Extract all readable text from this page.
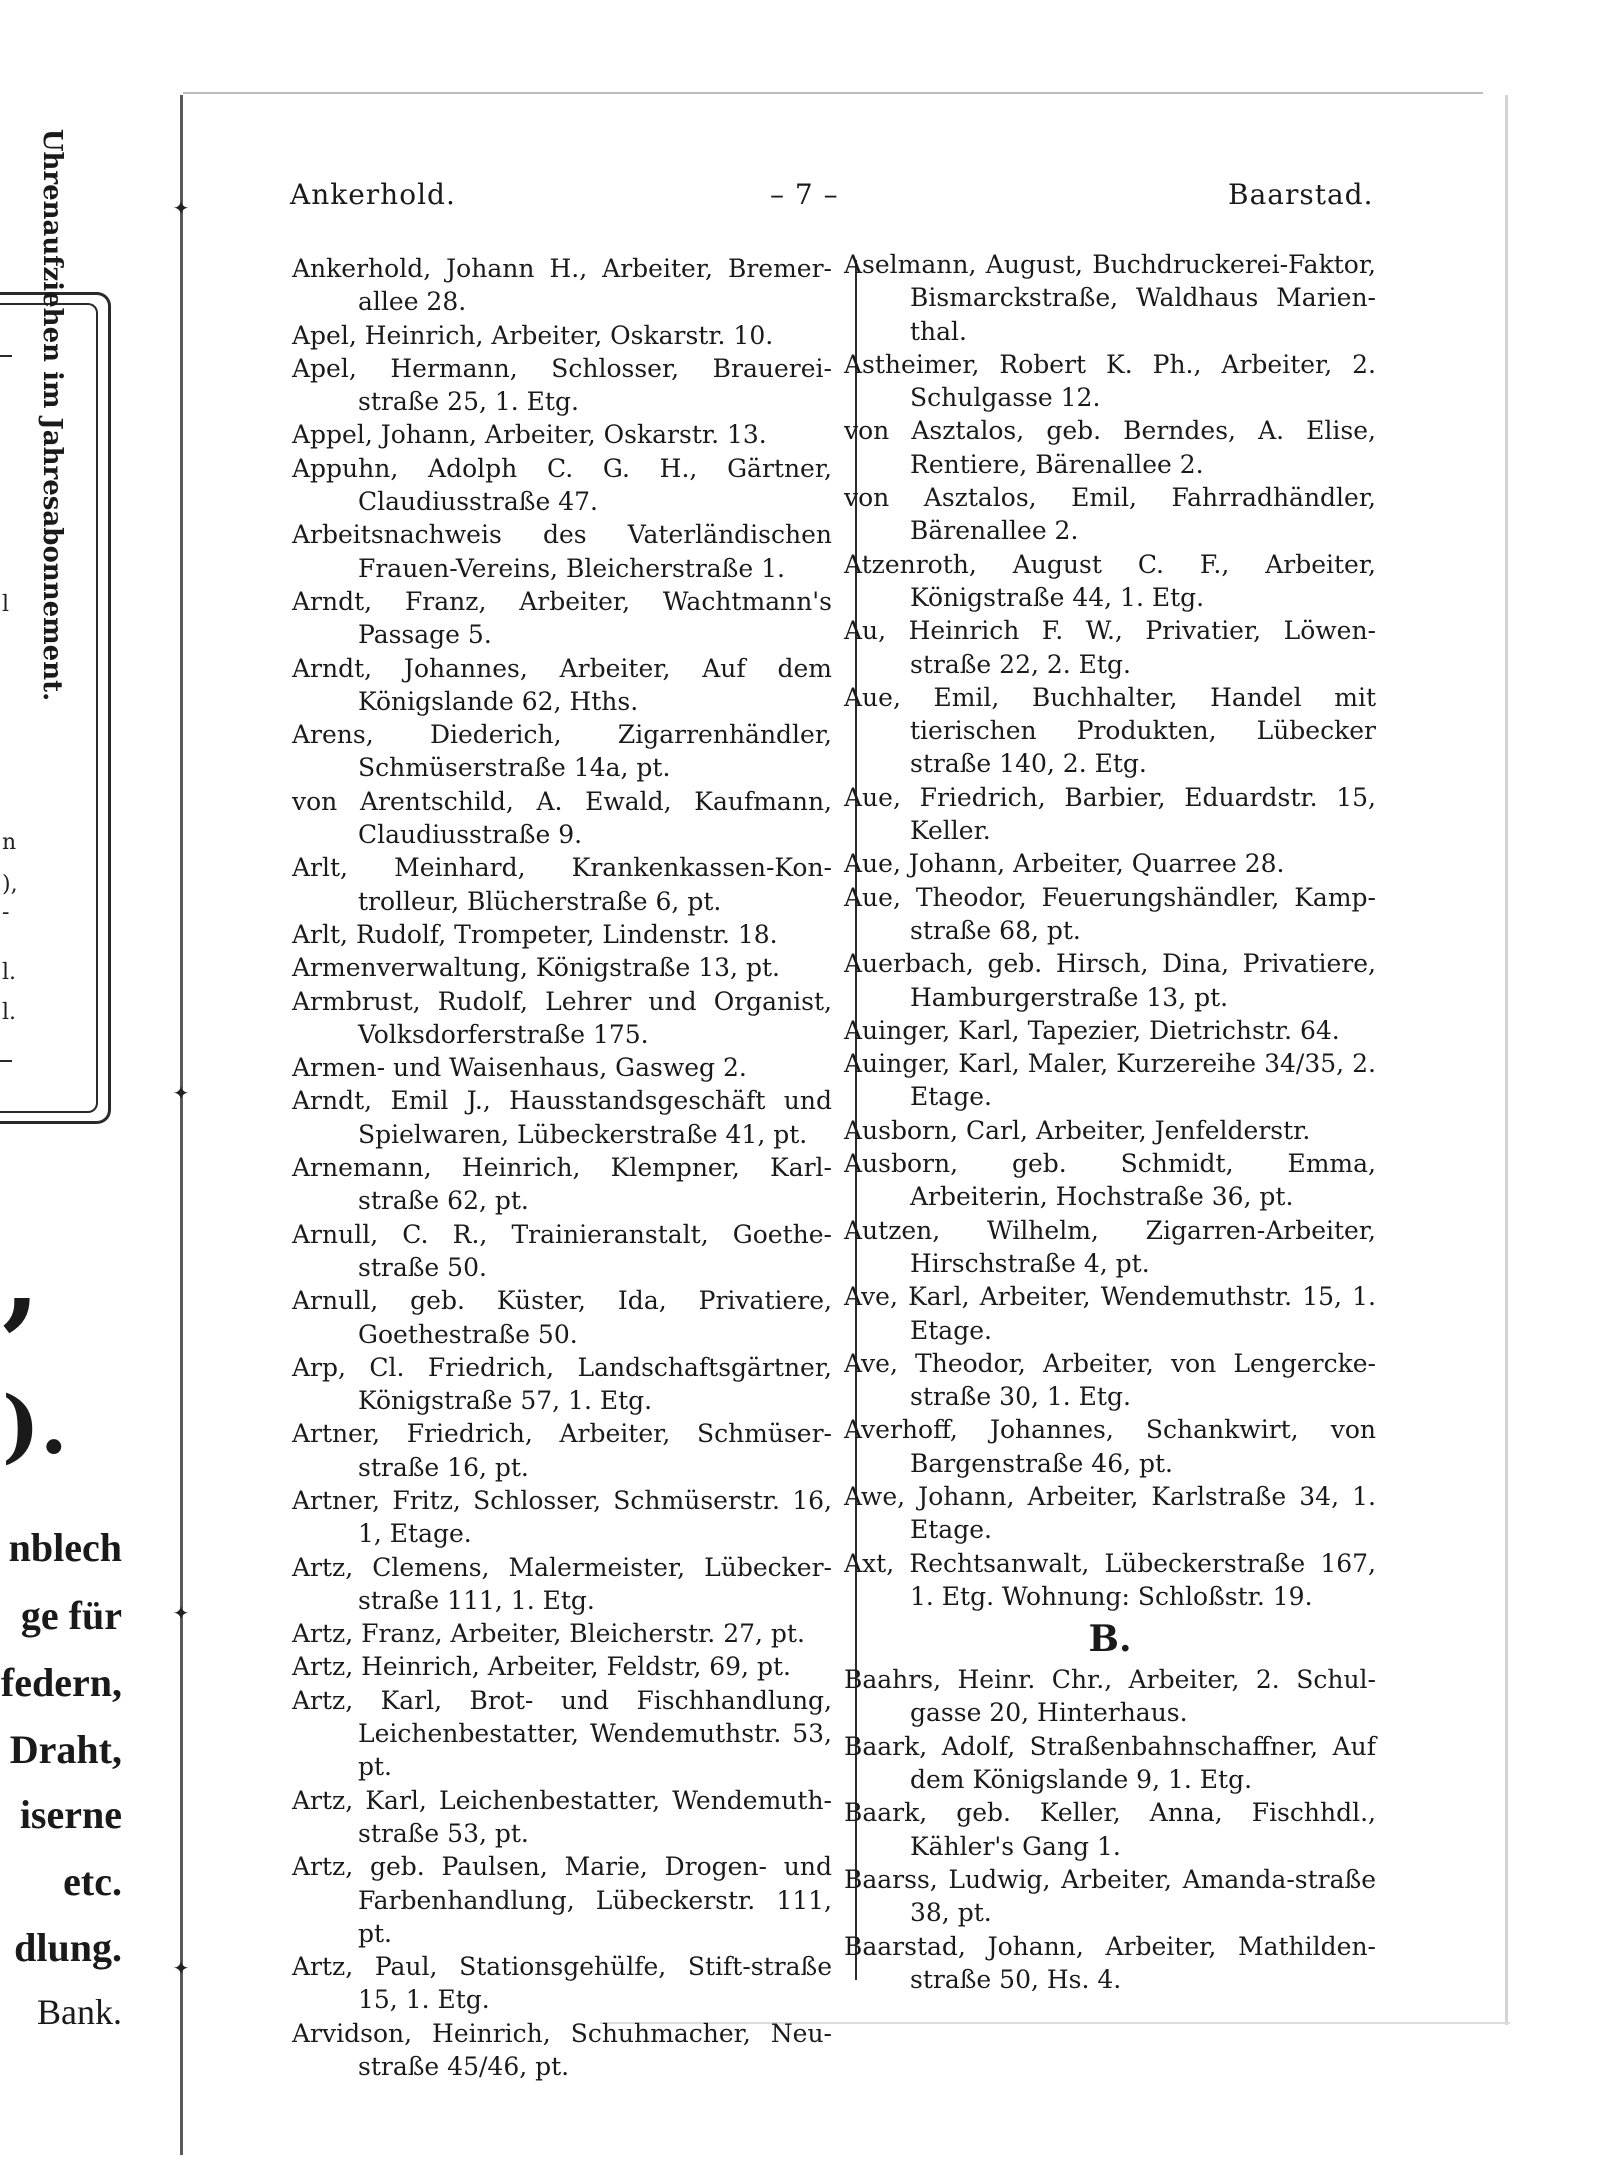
✦
✦
✦
✦
Uhrenaufziehen im Jahresabonnement.
l
n
),
-
l.
l.
,
).
nblech
ge für
federn,
Draht,
iserne
etc.
dlung.
Bank.
Ankerhold.	– 7 –	Baarstad.

Ankerhold, Johann H., Arbeiter, Bremer-allee 28.

Apel, Heinrich, Arbeiter, Oskarstr. 10.

Apel, Hermann, Schlosser, Brauerei-straße 25, 1. Etg.

Appel, Johann, Arbeiter, Oskarstr. 13.

Appuhn, Adolph C. G. H., Gärtner, Claudiusstraße 47.

Arbeitsnachweis des Vaterländischen Frauen-Vereins, Bleicherstraße 1.

Arndt, Franz, Arbeiter, Wachtmann's Passage 5.

Arndt, Johannes, Arbeiter, Auf dem Königslande 62, Hths.

Arens, Diederich, Zigarrenhändler, Schmüserstraße 14a, pt.

von Arentschild, A. Ewald, Kaufmann, Claudiusstraße 9.

Arlt, Meinhard, Krankenkassen-Kon-trolleur, Blücherstraße 6, pt.

Arlt, Rudolf, Trompeter, Lindenstr. 18.

Armenverwaltung, Königstraße 13, pt.

Armbrust, Rudolf, Lehrer und Organist, Volksdorferstraße 175.

Armen- und Waisenhaus, Gasweg 2.

Arndt, Emil J., Hausstandsgeschäft und Spielwaren, Lübeckerstraße 41, pt.

Arnemann, Heinrich, Klempner, Karl-straße 62, pt.

Arnull, C. R., Trainieranstalt, Goethe-straße 50.

Arnull, geb. Küster, Ida, Privatiere, Goethestraße 50.

Arp, Cl. Friedrich, Landschaftsgärtner, Königstraße 57, 1. Etg.

Artner, Friedrich, Arbeiter, Schmüser-straße 16, pt.

Artner, Fritz, Schlosser, Schmüserstr. 16, 1, Etage.

Artz, Clemens, Malermeister, Lübecker-straße 111, 1. Etg.

Artz, Franz, Arbeiter, Bleicherstr. 27, pt.

Artz, Heinrich, Arbeiter, Feldstr, 69, pt.

Artz, Karl, Brot- und Fischhandlung, Leichenbestatter, Wendemuthstr. 53, pt.

Artz, Karl, Leichenbestatter, Wendemuth-straße 53, pt.

Artz, geb. Paulsen, Marie, Drogen- und Farbenhandlung, Lübeckerstr. 111, pt.

Artz, Paul, Stationsgehülfe, Stift-straße 15, 1. Etg.

Arvidson, Heinrich, Schuhmacher, Neu-straße 45/46, pt.

Aselmann, August, Buchdruckerei-Faktor, Bismarckstraße, Waldhaus Marien-thal.

Astheimer, Robert K. Ph., Arbeiter, 2. Schulgasse 12.

von Asztalos, geb. Berndes, A. Elise, Rentiere, Bärenallee 2.

von Asztalos, Emil, Fahrradhändler, Bärenallee 2.

Atzenroth, August C. F., Arbeiter, Königstraße 44, 1. Etg.

Au, Heinrich F. W., Privatier, Löwen-straße 22, 2. Etg.

Aue, Emil, Buchhalter, Handel mit tierischen Produkten, Lübecker straße 140, 2. Etg.

Aue, Friedrich, Barbier, Eduardstr. 15, Keller.

Aue, Johann, Arbeiter, Quarree 28.

Aue, Theodor, Feuerungshändler, Kamp-straße 68, pt.

Auerbach, geb. Hirsch, Dina, Privatiere, Hamburgerstraße 13, pt.

Auinger, Karl, Tapezier, Dietrichstr. 64.

Auinger, Karl, Maler, Kurzereihe 34/35, 2. Etage.

Ausborn, Carl, Arbeiter, Jenfelderstr.

Ausborn, geb. Schmidt, Emma, Arbeiterin, Hochstraße 36, pt.

Autzen, Wilhelm, Zigarren-Arbeiter, Hirschstraße 4, pt.

Ave, Karl, Arbeiter, Wendemuthstr. 15, 1. Etage.

Ave, Theodor, Arbeiter, von Lengercke-straße 30, 1. Etg.

Averhoff, Johannes, Schankwirt, von Bargenstraße 46, pt.

Awe, Johann, Arbeiter, Karlstraße 34, 1. Etage.

Axt, Rechtsanwalt, Lübeckerstraße 167, 1. Etg. Wohnung: Schloßstr. 19.

B.

Baahrs, Heinr. Chr., Arbeiter, 2. Schul-gasse 20, Hinterhaus.

Baark, Adolf, Straßenbahnschaffner, Auf dem Königslande 9, 1. Etg.

Baark, geb. Keller, Anna, Fischhdl., Kähler's Gang 1.

Baarss, Ludwig, Arbeiter, Amanda-straße 38, pt.

Baarstad, Johann, Arbeiter, Mathilden-straße 50, Hs. 4.
